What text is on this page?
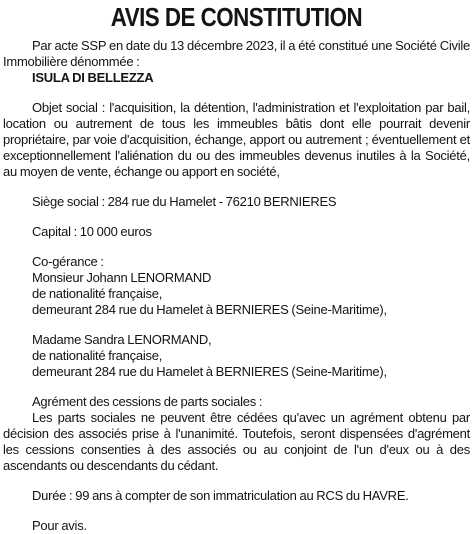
AVIS DE CONSTITUTION

Par acte SSP en date du 13 décembre 2023, il a été constitué une Société Civile Immobilière dénommée :

ISULA DI BELLEZZA

Objet social : l'acquisition, la détention, l'administration et l'exploitation par bail, location ou autrement de tous les immeubles bâtis dont elle pourrait devenir propriétaire, par voie d'acquisition, échange, apport ou autrement ; éventuellement et exceptionnellement l'aliénation du ou des immeubles devenus inutiles à la Société, au moyen de vente, échange ou apport en société,

Siège social : 284 rue du Hamelet - 76210 BERNIERES

Capital : 10 000 euros

Co-gérance :

Monsieur Johann LENORMAND

de nationalité française,

demeurant 284 rue du Hamelet à BERNIERES (Seine-Maritime),

Madame Sandra LENORMAND,

de nationalité française,

demeurant 284 rue du Hamelet à BERNIERES (Seine-Maritime),

Agrément des cessions de parts sociales :

Les parts sociales ne peuvent être cédées qu'avec un agrément obtenu par décision des associés prise à l'unanimité. Toutefois, seront dispensées d'agrément les cessions consenties à des associés ou au conjoint de l'un d'eux ou à des ascendants ou descendants du cédant.

Durée : 99 ans à compter de son immatriculation au RCS du HAVRE.

Pour avis.
